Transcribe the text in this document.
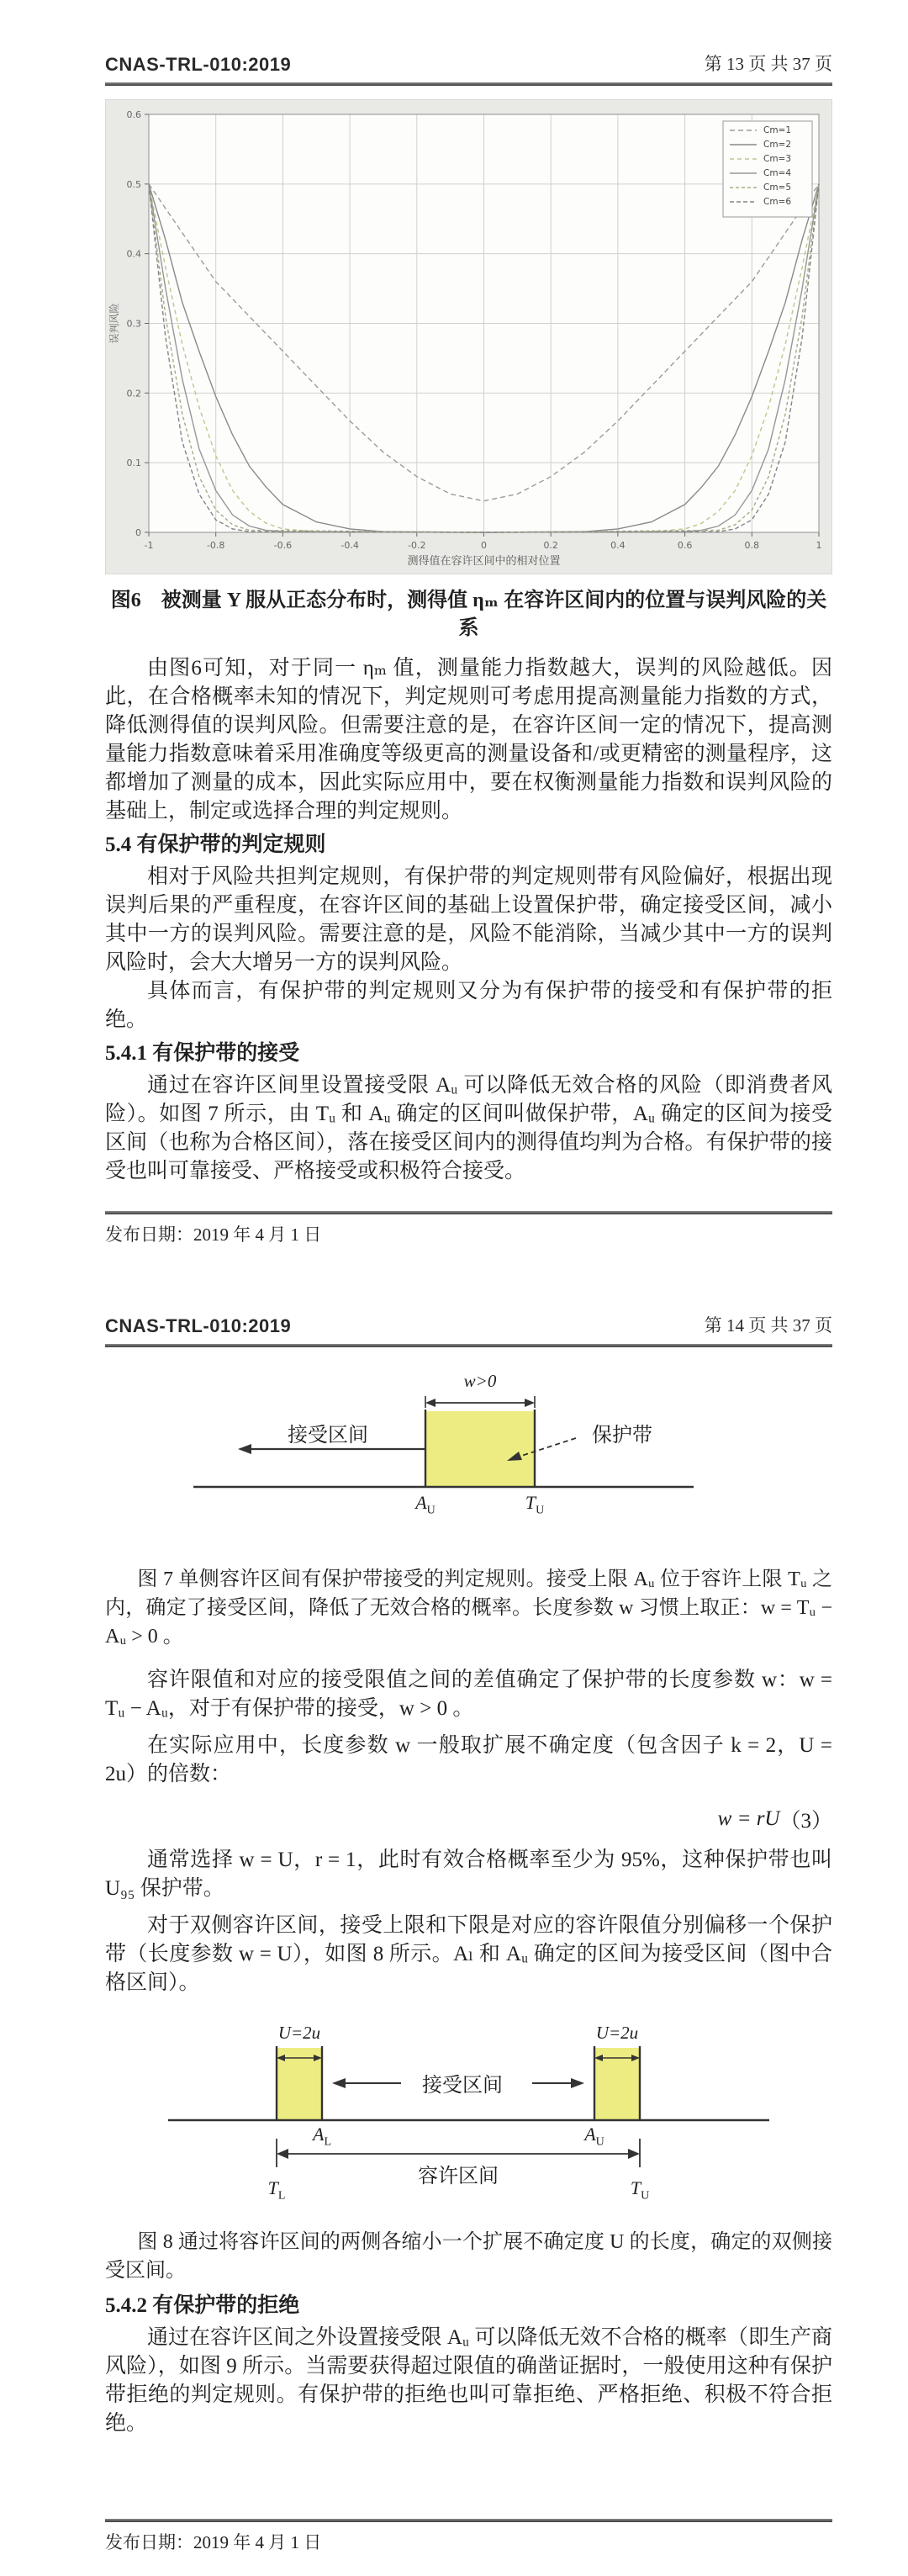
CNAS-TRL-010:2019	第 13 页 共 37 页
-1	-0.8	-0.6	-0.4	-0.2	0	0.2	0.4	0.6	0.8	1
0
0.1
0.2
0.3
0.4
0.5
0.6
Cm=1
Cm=2
Cm=3
Cm=4
Cm=5
Cm=6
测得值在容许区间中的相对位置
误判风险
图6　被测量 Y 服从正态分布时，测得值 ηₘ 在容许区间内的位置与误判风险的关系

由图6可知，对于同一 ηₘ 值，测量能力指数越大，误判的风险越低。因此，在合格概率未知的情况下，判定规则可考虑用提高测量能力指数的方式，降低测得值的误判风险。但需要注意的是，在容许区间一定的情况下，提高测量能力指数意味着采用准确度等级更高的测量设备和/或更精密的测量程序，这都增加了测量的成本，因此实际应用中，要在权衡测量能力指数和误判风险的基础上，制定或选择合理的判定规则。

5.4 有保护带的判定规则

相对于风险共担判定规则，有保护带的判定规则带有风险偏好，根据出现误判后果的严重程度，在容许区间的基础上设置保护带，确定接受区间，减小其中一方的误判风险。需要注意的是，风险不能消除，当减少其中一方的误判风险时，会大大增另一方的误判风险。

具体而言，有保护带的判定规则又分为有保护带的接受和有保护带的拒绝。

5.4.1 有保护带的接受

通过在容许区间里设置接受限 Aᵤ 可以降低无效合格的风险（即消费者风险）。如图 7 所示，由 Tᵤ 和 Aᵤ 确定的区间叫做保护带，Aᵤ 确定的区间为接受区间（也称为合格区间），落在接受区间内的测得值均判为合格。有保护带的接受也叫可靠接受、严格接受或积极符合接受。

发布日期：2019 年 4 月 1 日
CNAS-TRL-010:2019	第 14 页 共 37 页
w>0
接受区间	保护带
$A_U$	$T_U$
图 7 单侧容许区间有保护带接受的判定规则。接受上限 Aᵤ 位于容许上限 Tᵤ 之内，确定了接受区间，降低了无效合格的概率。长度参数 w 习惯上取正：w = Tᵤ − Aᵤ > 0 。

容许限值和对应的接受限值之间的差值确定了保护带的长度参数 w：w = Tᵤ − Aᵤ，对于有保护带的接受，w > 0 。

在实际应用中，长度参数 w 一般取扩展不确定度（包含因子 k = 2，U = 2u）的倍数：

w = rU （3）

通常选择 w = U，r = 1，此时有效合格概率至少为 95%，这种保护带也叫 U₉₅ 保护带。

对于双侧容许区间，接受上限和下限是对应的容许限值分别偏移一个保护带（长度参数 w = U），如图 8 所示。Aₗ 和 Aᵤ 确定的区间为接受区间（图中合格区间）。

U=2u	U=2u
接受区间
$A_L$	$A_U$
容许区间
$T_L$	$T_U$
图 8 通过将容许区间的两侧各缩小一个扩展不确定度 U 的长度，确定的双侧接受区间。
5.4.2 有保护带的拒绝

通过在容许区间之外设置接受限 Aᵤ 可以降低无效不合格的概率（即生产商风险），如图 9 所示。当需要获得超过限值的确凿证据时，一般使用这种有保护带拒绝的判定规则。有保护带的拒绝也叫可靠拒绝、严格拒绝、积极不符合拒绝。

发布日期：2019 年 4 月 1 日
